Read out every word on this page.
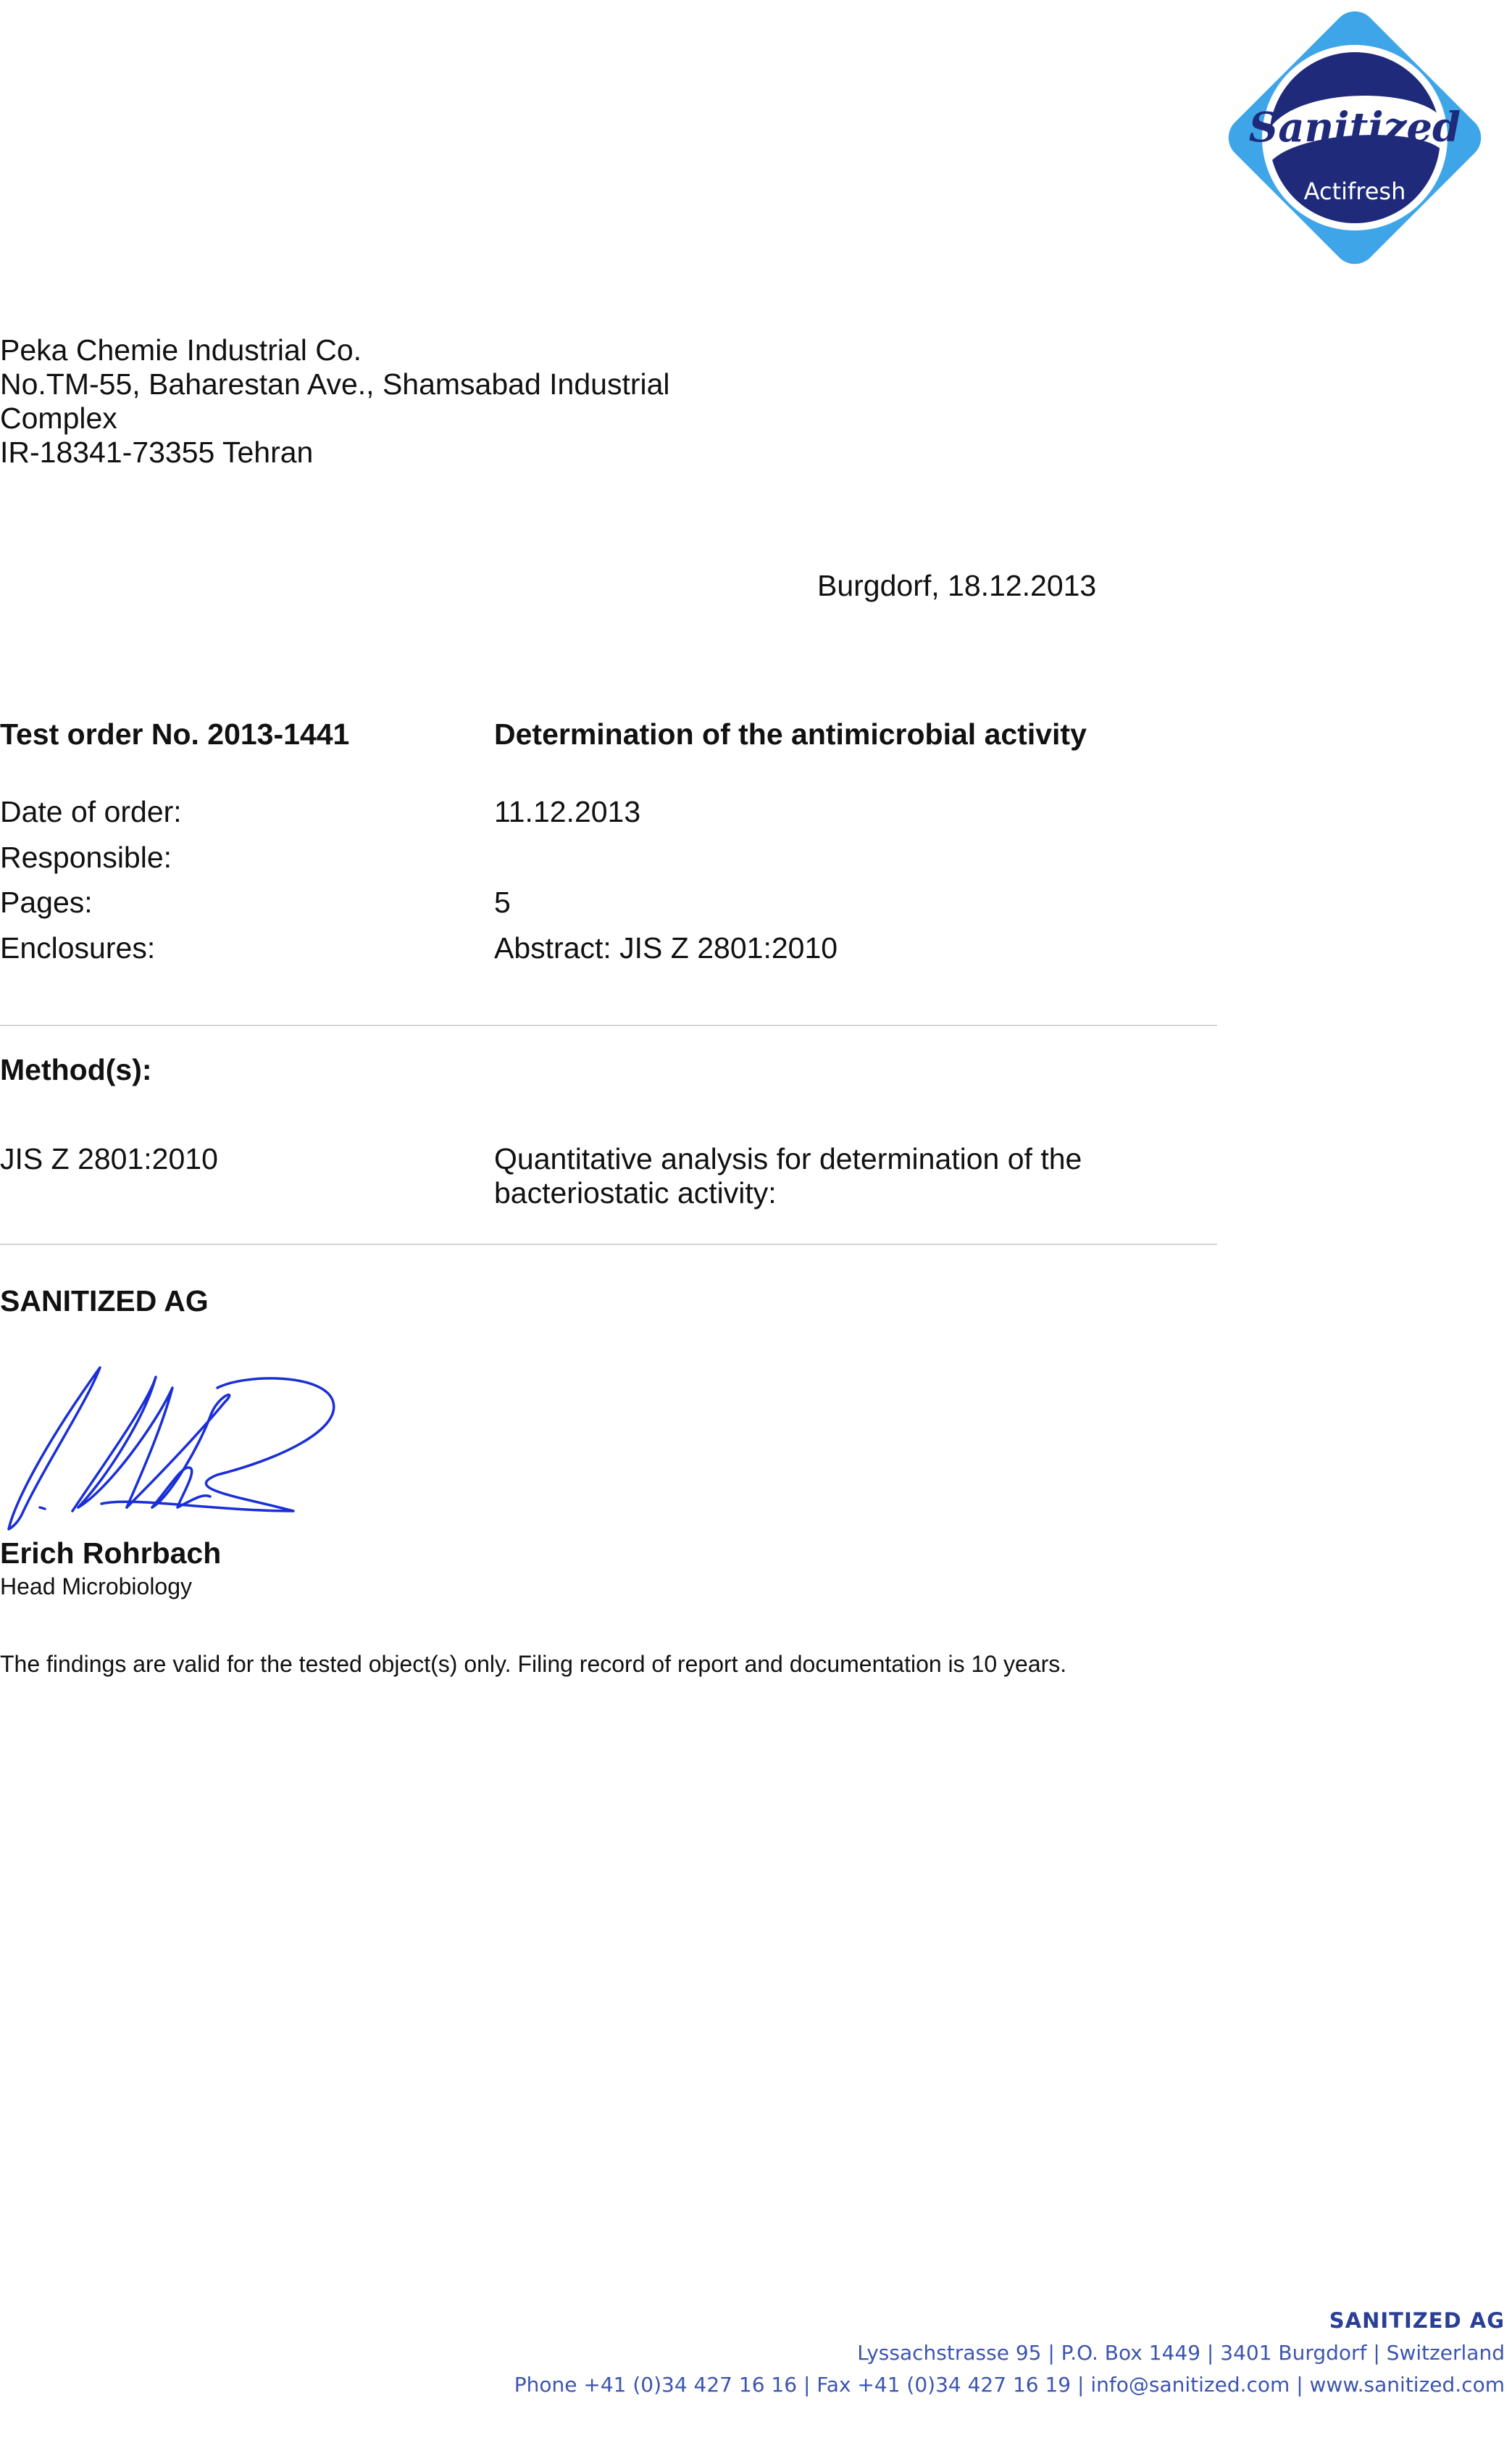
Sanitized
Actifresh
Peka Chemie Industrial Co.
No.TM-55, Baharestan Ave., Shamsabad Industrial
Complex
IR-18341-73355 Tehran
Burgdorf, 18.12.2013
Test order No. 2013-1441	Determination of the antimicrobial activity
Date of order:	11.12.2013
Responsible:
Pages:	5
Enclosures:	Abstract: JIS Z 2801:2010
Method(s):
JIS Z 2801:2010	Quantitative analysis for determination of the
bacteriostatic activity:
SANITIZED AG
Erich Rohrbach
Head Microbiology
The findings are valid for the tested object(s) only. Filing record of report and documentation is 10 years.
SANITIZED AG
Lyssachstrasse 95 | P.O. Box 1449 | 3401 Burgdorf | Switzerland
Phone +41 (0)34 427 16 16 | Fax +41 (0)34 427 16 19 | info@sanitized.com | www.sanitized.com
